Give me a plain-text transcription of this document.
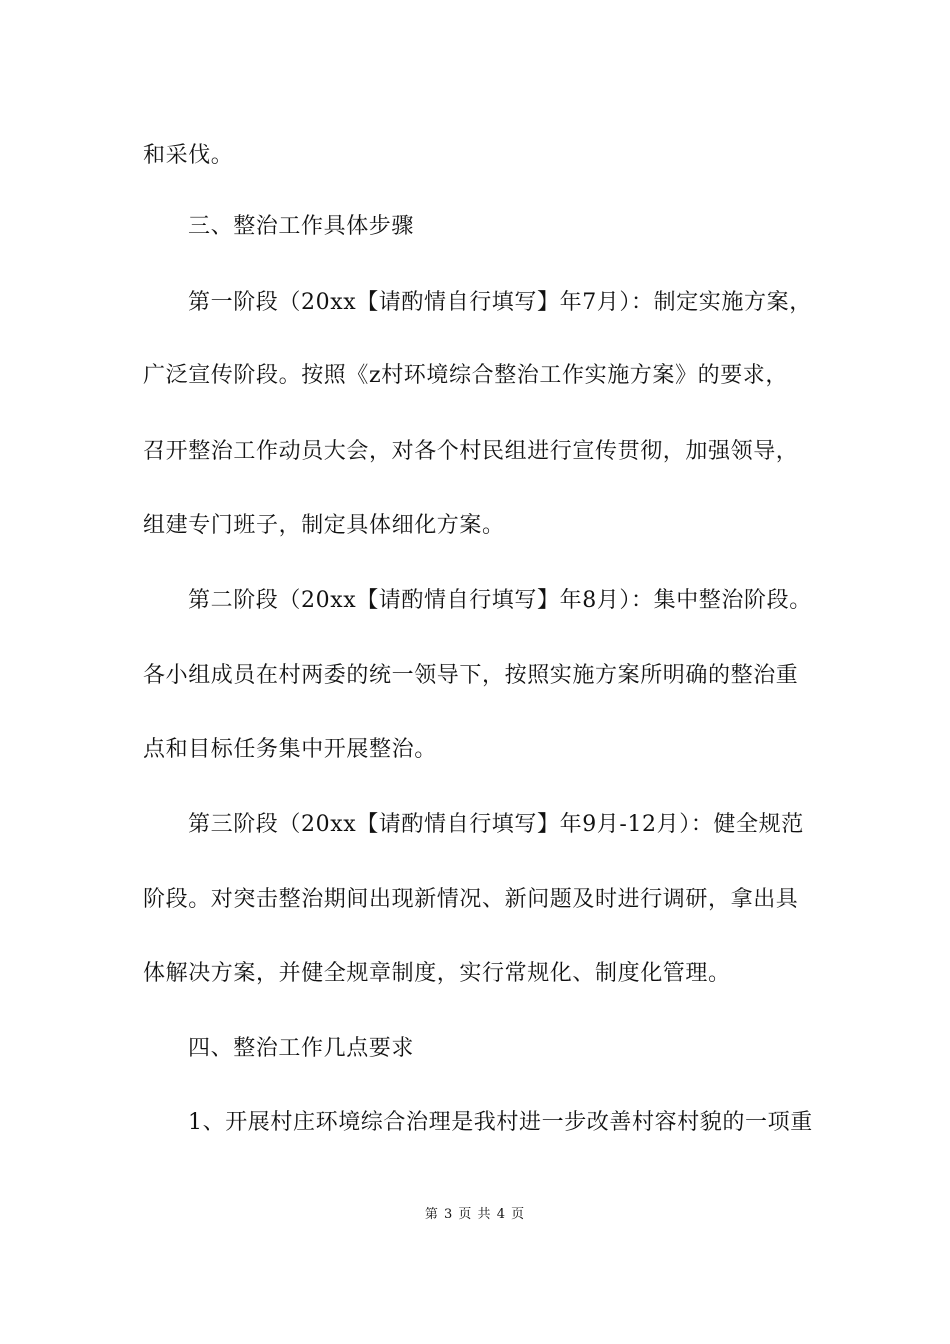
和采伐。
三、整治工作具体步骤
第一阶段（20xx【请酌情自行填写】年7月）：制定实施方案，
广泛宣传阶段。按照《z村环境综合整治工作实施方案》的要求，
召开整治工作动员大会，对各个村民组进行宣传贯彻，加强领导，
组建专门班子，制定具体细化方案。
第二阶段（20xx【请酌情自行填写】年8月）：集中整治阶段。
各小组成员在村两委的统一领导下，按照实施方案所明确的整治重
点和目标任务集中开展整治。
第三阶段（20xx【请酌情自行填写】年9月-12月）：健全规范
阶段。对突击整治期间出现新情况、新问题及时进行调研，拿出具
体解决方案，并健全规章制度，实行常规化、制度化管理。
四、整治工作几点要求
1、开展村庄环境综合治理是我村进一步改善村容村貌的一项重
第 3 页 共 4 页
